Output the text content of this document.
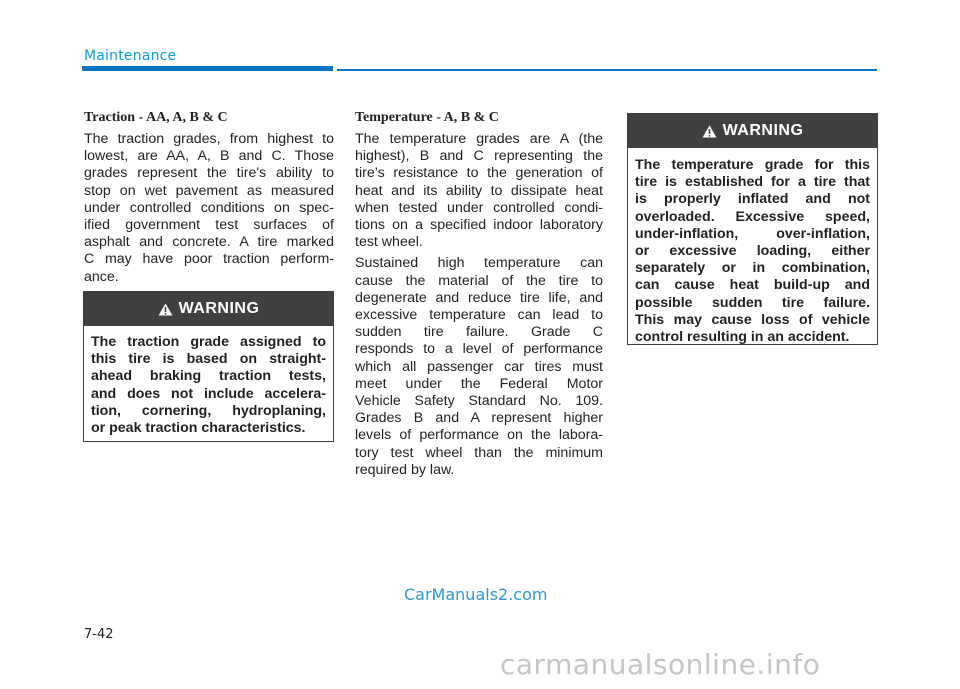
Maintenance
Traction - AA, A, B & C

The traction grades, from highest to
lowest, are AA, A, B and C. Those
grades represent the tire's ability to
stop on wet pavement as measured
under controlled conditions on spec-
ified government test surfaces of
asphalt and concrete. A tire marked
C may have poor traction perform-
ance.

WARNING
The traction grade assigned to
this tire is based on straight-
ahead braking traction tests,
and does not include accelera-
tion, cornering, hydroplaning,
or peak traction characteristics.
Temperature - A, B & C

The temperature grades are A (the
highest), B and C representing the
tire’s resistance to the generation of
heat and its ability to dissipate heat
when tested under controlled condi-
tions on a specified indoor laboratory
test wheel.

Sustained high temperature can
cause the material of the tire to
degenerate and reduce tire life, and
excessive temperature can lead to
sudden tire failure. Grade C
responds to a level of performance
which all passenger car tires must
meet under the Federal Motor
Vehicle Safety Standard No. 109.
Grades B and A represent higher
levels of performance on the labora-
tory test wheel than the minimum
required by law.

WARNING
The temperature grade for this
tire is established for a tire that
is properly inflated and not
overloaded. Excessive speed,
under-inflation, over-inflation,
or excessive loading, either
separately or in combination,
can cause heat build-up and
possible sudden tire failure.
This may cause loss of vehicle
control resulting in an accident.
CarManuals2.com
7-42
carmanualsonline.info
